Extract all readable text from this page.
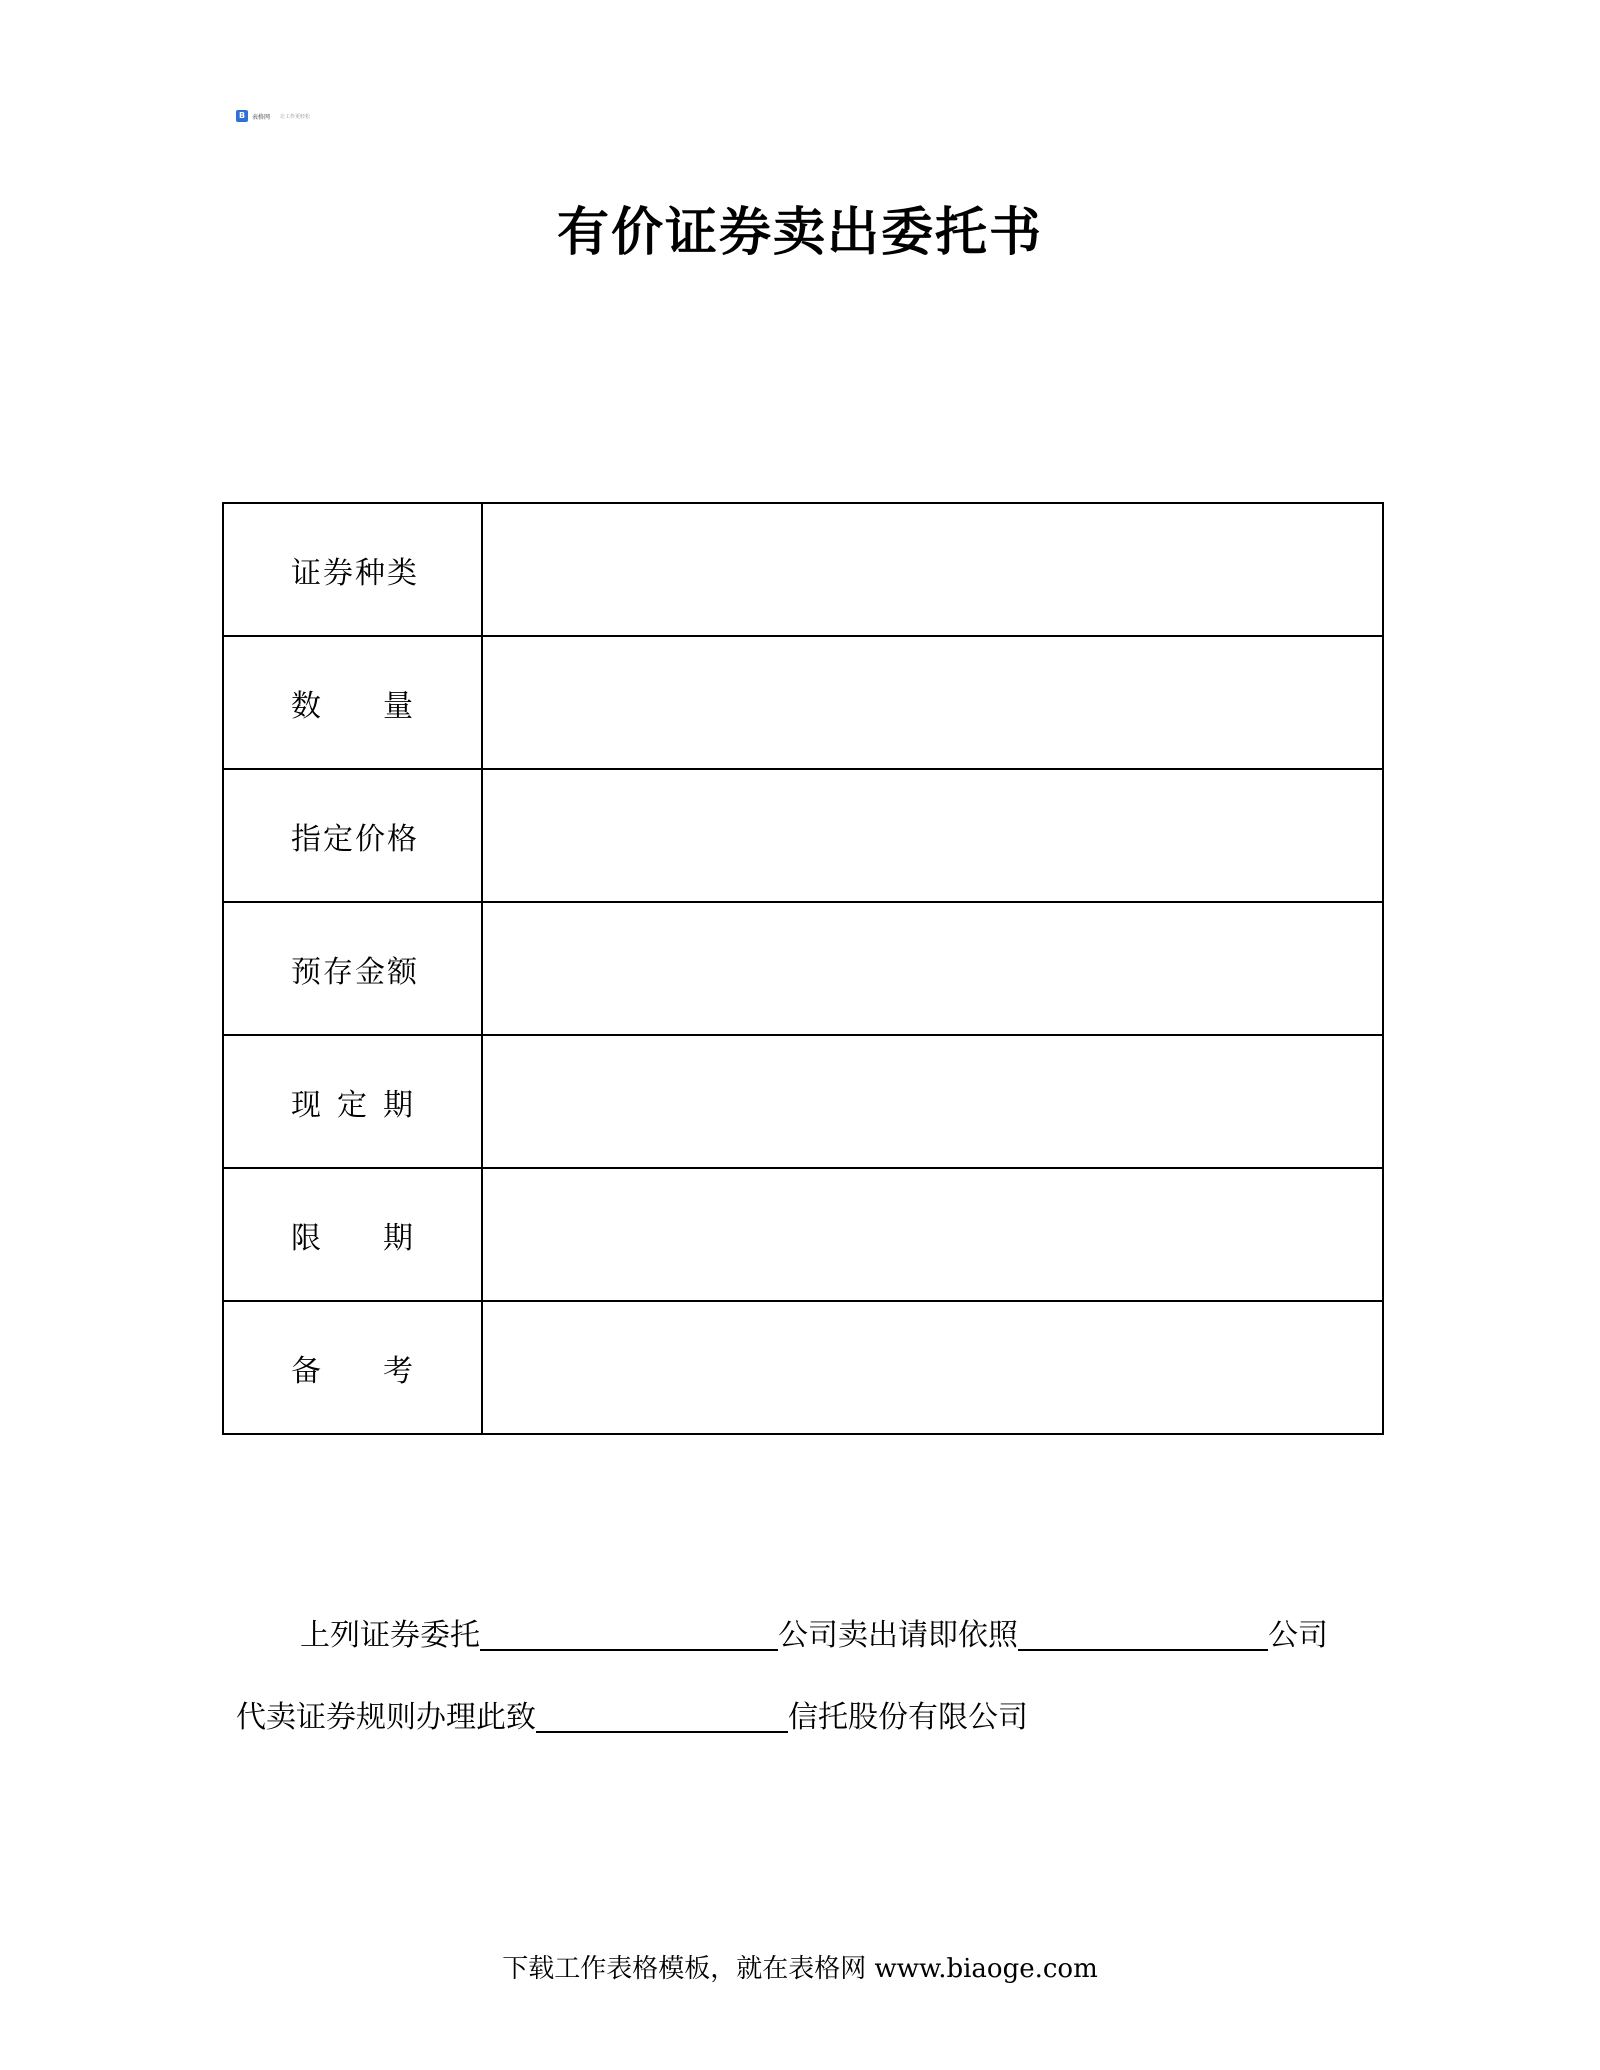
B	表格网 让工作更轻松
有价证券卖出委托书
证券种类	

数 量	

指定价格	

预存金额	

现 定 期	

限 期	

备 考	

上列证券委托	公司卖出请即依照	公司
代卖证券规则办理此致	信托股份有限公司
下载工作表格模板，就在表格网 www.biaoge.com
